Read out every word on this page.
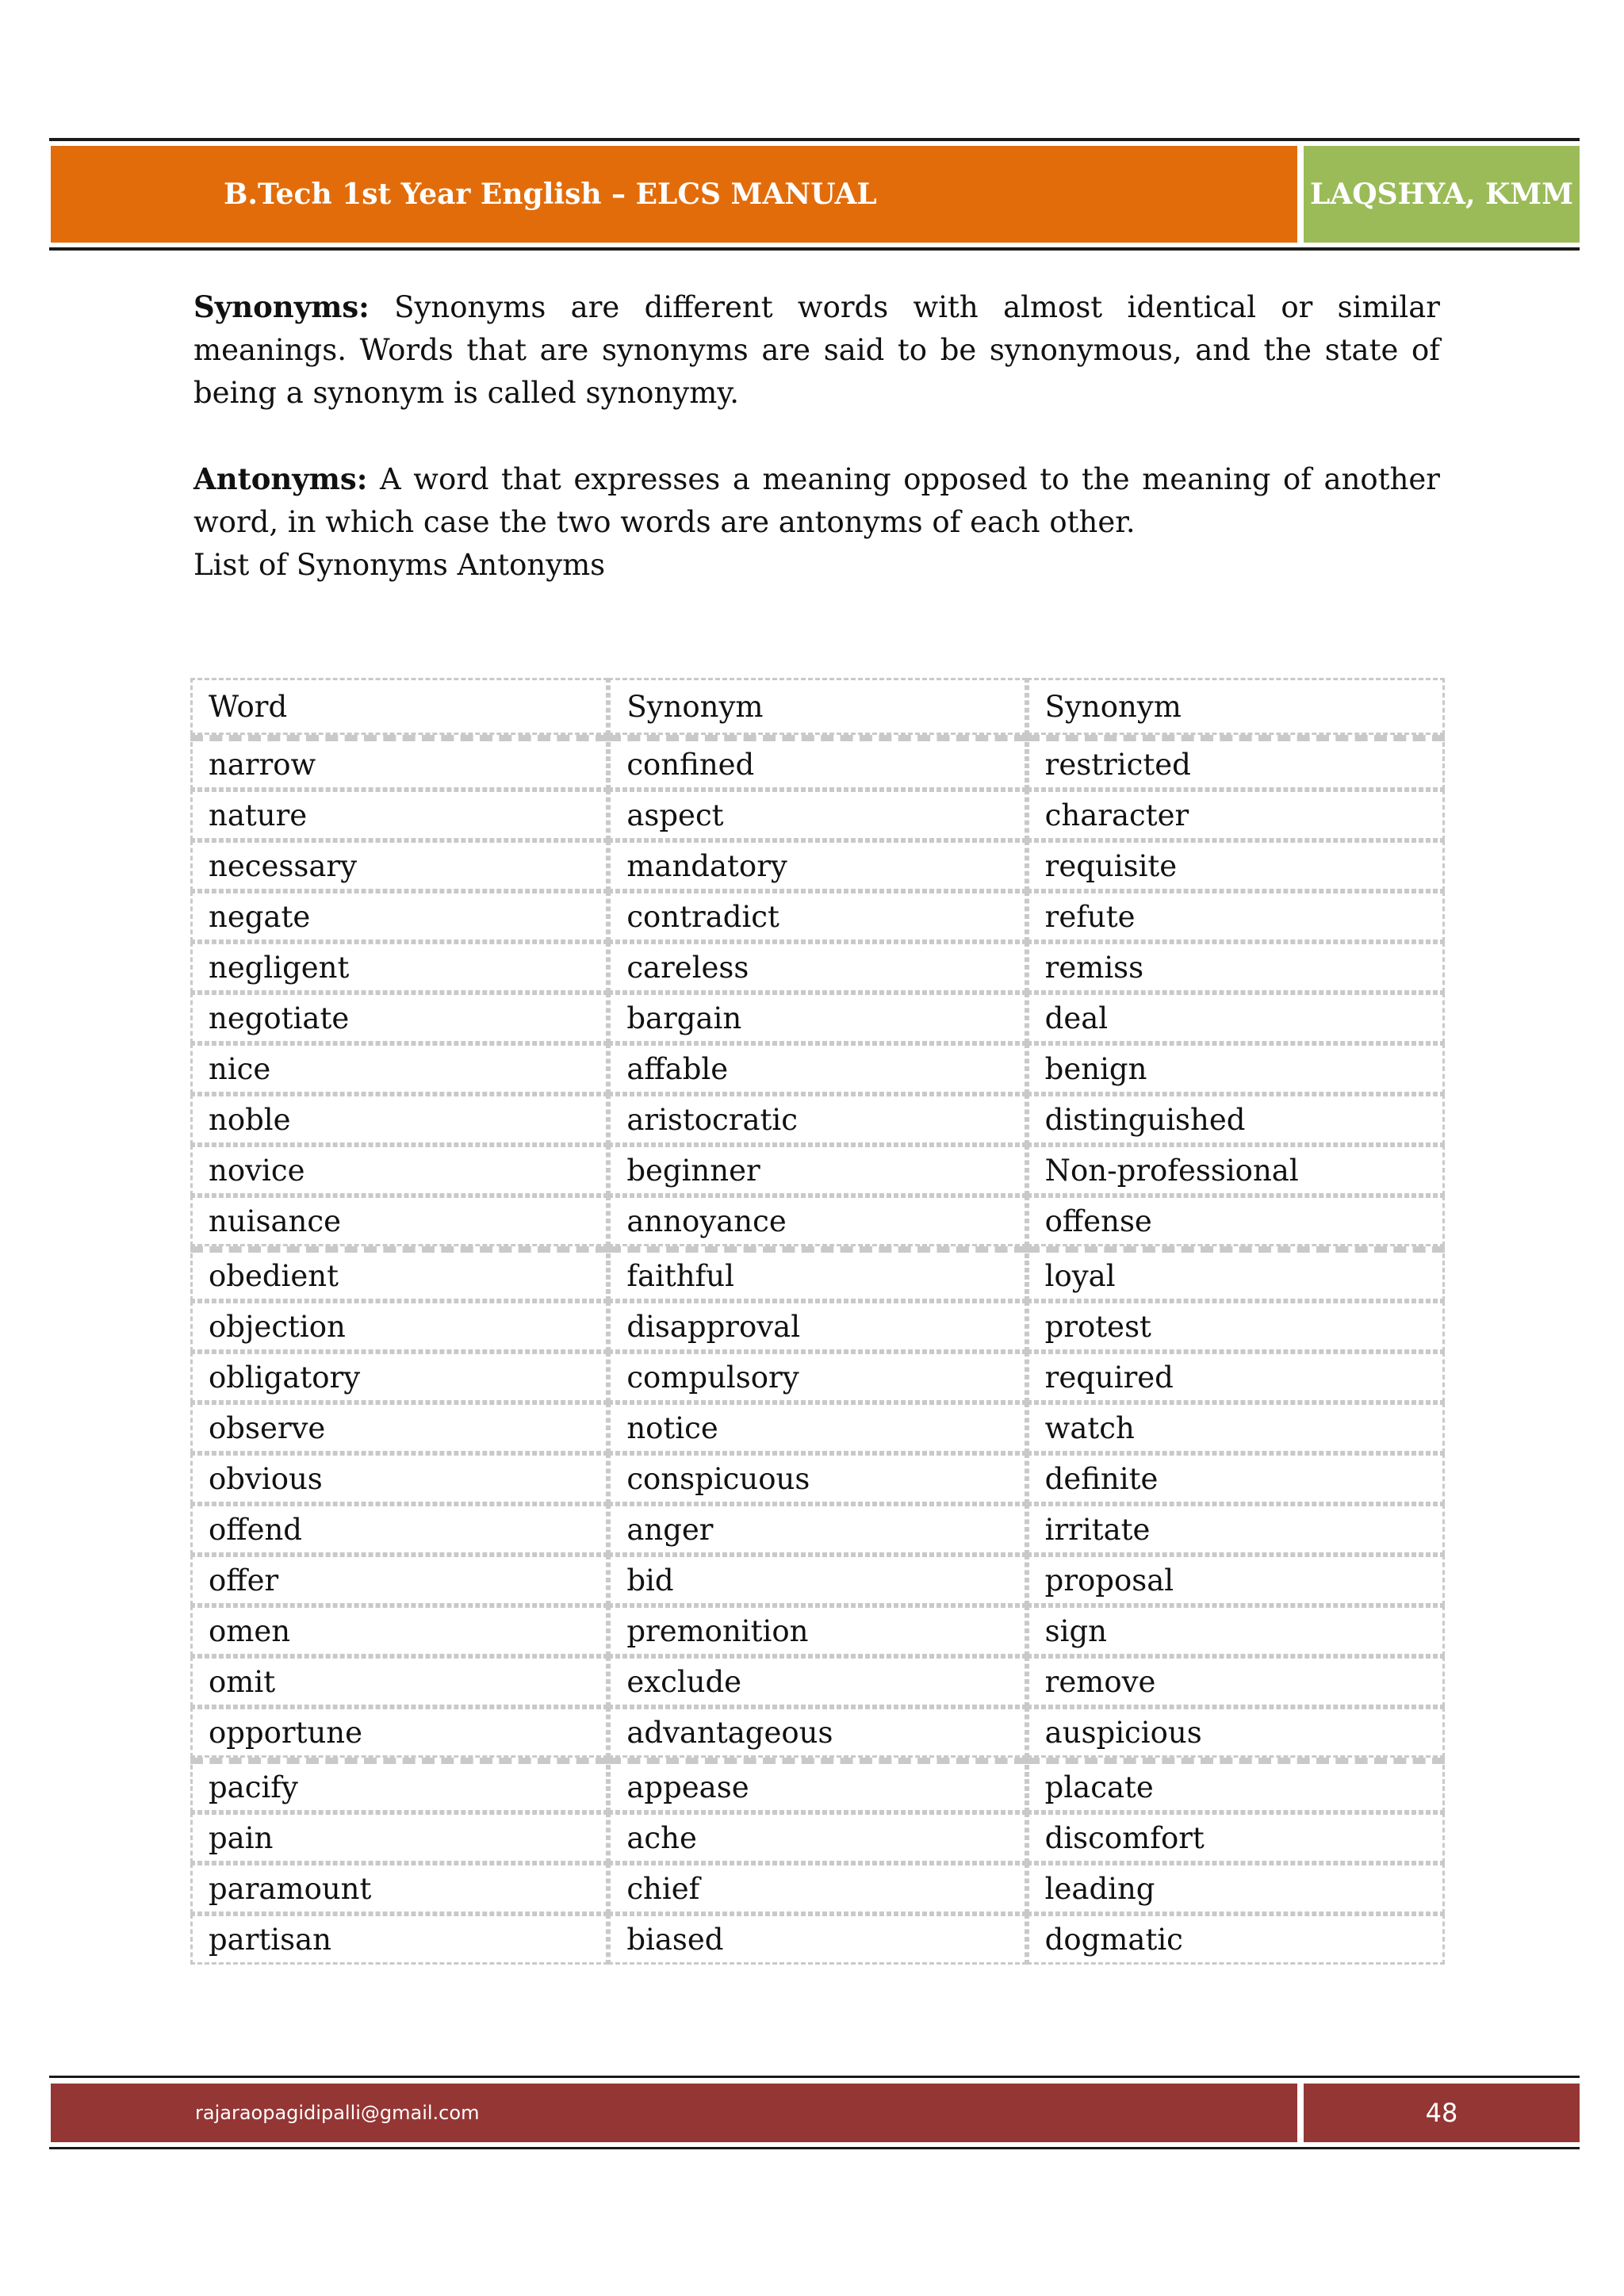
B.Tech 1st Year English – ELCS MANUAL	LAQSHYA, KMM

Synonyms: Synonyms are different words with almost identical or similar meanings. Words that are synonyms are said to be synonymous, and the state of being a synonym is called synonymy.

Antonyms: A word that expresses a meaning opposed to the meaning of another word, in which case the two words are antonyms of each other.

List of Synonyms Antonyms

Word	Synonym	Synonym
narrow	confined	restricted
nature	aspect	character
necessary	mandatory	requisite
negate	contradict	refute
negligent	careless	remiss
negotiate	bargain	deal
nice	affable	benign
noble	aristocratic	distinguished
novice	beginner	Non-professional
nuisance	annoyance	offense
obedient	faithful	loyal
objection	disapproval	protest
obligatory	compulsory	required
observe	notice	watch
obvious	conspicuous	definite
offend	anger	irritate
offer	bid	proposal
omen	premonition	sign
omit	exclude	remove
opportune	advantageous	auspicious
pacify	appease	placate
pain	ache	discomfort
paramount	chief	leading
partisan	biased	dogmatic
rajaraopagidipalli@gmail.com	48
